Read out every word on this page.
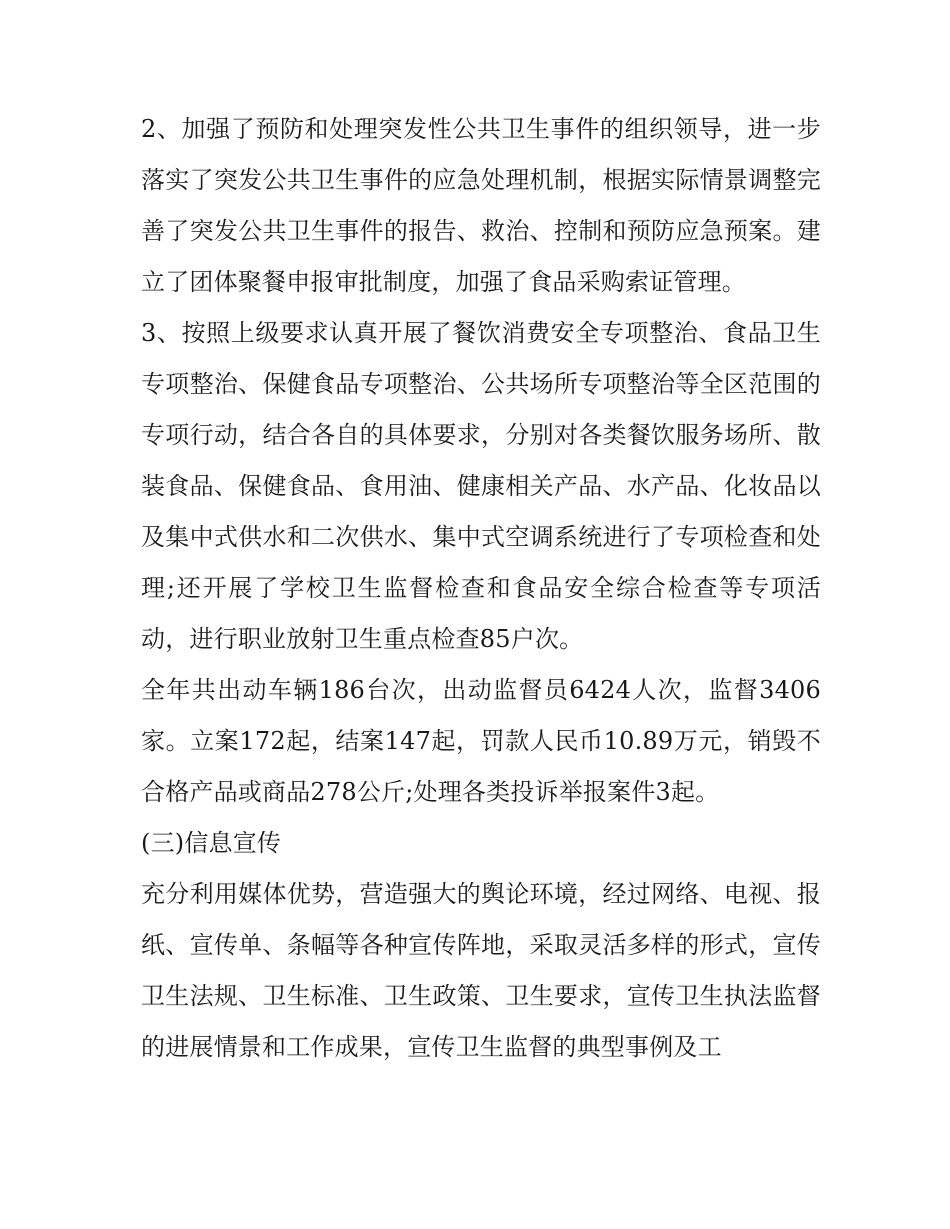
2、加强了预防和处理突发性公共卫生事件的组织领导，进一步落实了突发公共卫生事件的应急处理机制，根据实际情景调整完善了突发公共卫生事件的报告、救治、控制和预防应急预案。建立了团体聚餐申报审批制度，加强了食品采购索证管理。

3、按照上级要求认真开展了餐饮消费安全专项整治、食品卫生专项整治、保健食品专项整治、公共场所专项整治等全区范围的专项行动，结合各自的具体要求，分别对各类餐饮服务场所、散装食品、保健食品、食用油、健康相关产品、水产品、化妆品以及集中式供水和二次供水、集中式空调系统进行了专项检查和处理;还开展了学校卫生监督检查和食品安全综合检查等专项活动，进行职业放射卫生重点检查85户次。

全年共出动车辆186台次，出动监督员6424人次，监督3406家。立案172起，结案147起，罚款人民币10.89万元，销毁不合格产品或商品278公斤;处理各类投诉举报案件3起。

(三)信息宣传

充分利用媒体优势，营造强大的舆论环境，经过网络、电视、报纸、宣传单、条幅等各种宣传阵地，采取灵活多样的形式，宣传卫生法规、卫生标准、卫生政策、卫生要求，宣传卫生执法监督的进展情景和工作成果，宣传卫生监督的典型事例及工
